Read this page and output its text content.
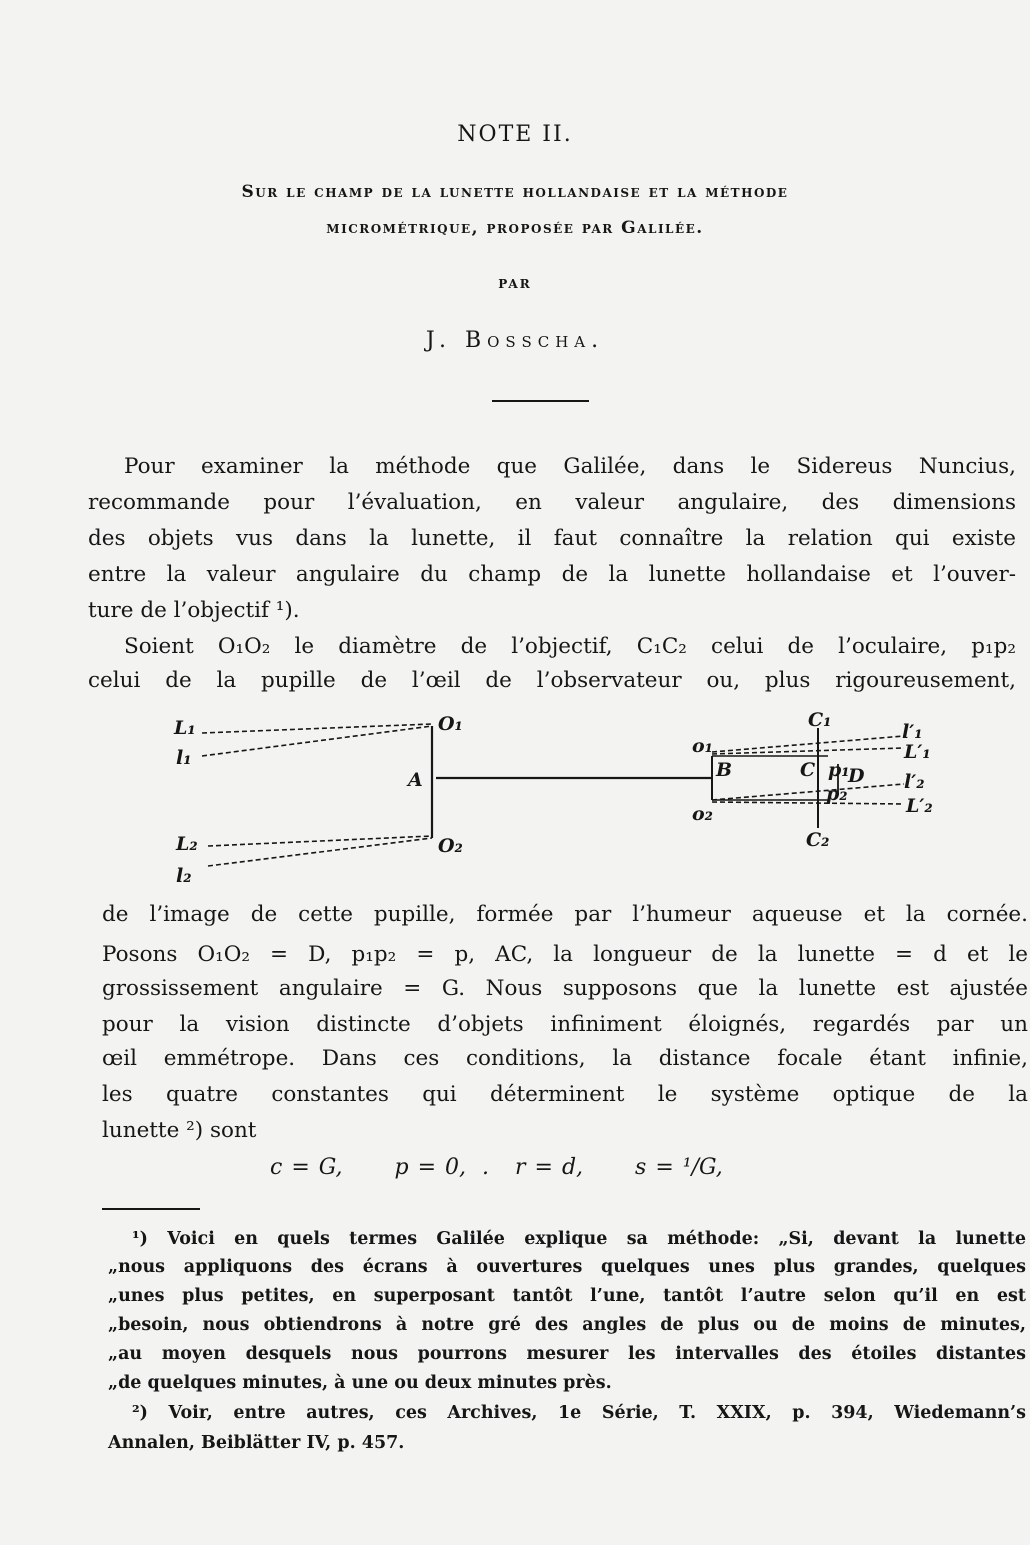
NOTE II.
Sur le champ de la lunette hollandaise et la méthode
micrométrique, proposée par Galilée.
PAR
J. Bosscha.
Pour examiner la méthode que Galilée, dans le Sidereus Nuncius,
recommande pour l’évaluation, en valeur angulaire, des dimensions
des objets vus dans la lunette, il faut connaître la relation qui existe
entre la valeur angulaire du champ de la lunette hollandaise et l’ouver-
ture de l’objectif ¹).
Soient O₁O₂ le diamètre de l’objectif, C₁C₂ celui de l’oculaire, p₁p₂
celui de la pupille de l’œil de l’observateur ou, plus rigoureusement,
L₁
l₁
L₂
l₂
O₁
O₂
A
o₁
o₂
B	C p₁
D
p₂
C₁
C₂
l′₁
L′₁
l′₂
L′₂
de l’image de cette pupille, formée par l’humeur aqueuse et la cornée.
Posons O₁O₂ = D, p₁p₂ = p, AC, la longueur de la lunette = d et le
grossissement angulaire = G. Nous supposons que la lunette est ajustée
pour la vision distincte d’objets infiniment éloignés, regardés par un
œil emmétrope. Dans ces conditions, la distance focale étant infinie,
les quatre constantes qui déterminent le système optique de la
lunette ²) sont
c = G, p = 0, . r = d, s = ¹/G,
¹) Voici en quels termes Galilée explique sa méthode: „Si, devant la lunette
„nous appliquons des écrans à ouvertures quelques unes plus grandes, quelques
„unes plus petites, en superposant tantôt l’une, tantôt l’autre selon qu’il en est
„besoin, nous obtiendrons à notre gré des angles de plus ou de moins de minutes,
„au moyen desquels nous pourrons mesurer les intervalles des étoiles distantes
„de quelques minutes, à une ou deux minutes près.
²) Voir, entre autres, ces Archives, 1e Série, T. XXIX, p. 394, Wiedemann’s
Annalen, Beiblätter IV, p. 457.
